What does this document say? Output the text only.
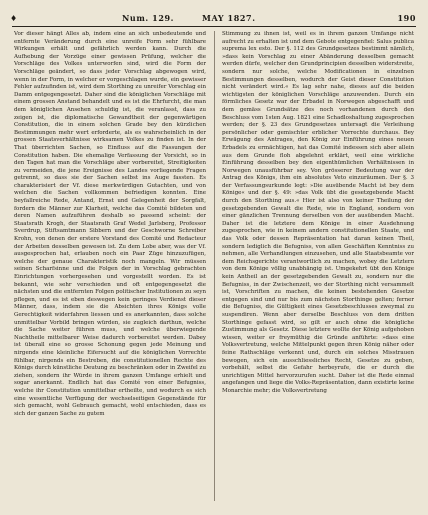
♦	Num. 129.	MAY 1827.	190

Vor dieser hängt Alles ab, indem eine an sich unbedeutende und entfernte Veränderung durch eine unreife Form sehr fühlbare Wirkungen erhält und gefährlich werden kann. Durch die Aufhebung der Vorzüge einer gewissen Prüfung, welcher die Vorschläge des Volkes unterworfen sind, wird die Form der Vorschläge geändert, so dass jeder Vorschlag abgewogen wird, wenn in der Form, in welcher er vorgeschlagen wurde, ein gewisser Fehler aufzufinden ist, wird dem Storthing zu unreifer Vorschlag ein Damm entgegengesetzt. Daher sind die königlichen Vorschläge mit einem grossen Anstand behandelt und es ist die Ehrfurcht, die man dem königlichen Ansehen schuldig ist, die veranlasst, dass zu zeigen ist, die diplomatische Gewandtheit der gegenwärtigen Constitution, die in einem solchen Grade bey den kürzlichen Bestimmungen mehr wert erforderte, als es wahrscheinlich in der grossen Staatsverhältnisse wirksamen Volkes zu finden ist. In der That überrichten Sachen, so Einfluss auf die Fassungen der Constitution haben. Die ehemalige Verfassung der Vorsicht, so in den Tagen hat man die Vorschläge aber vorbereitet, Streitigkeiten zu vermeiden, die jene Ereignisse des Landes vorliegende Fragen getrennt, so dass sie der Sachen selbst ins Auge fassten. Es charakterisiert der Vf. diese merkwürdigen Gutachten, und von welchen die Sachen vollkommen befriedigen konnten. Eine beyfallreiche Rede, Antand, Ernst und Gelegenheit der Sorgfalt, fordern die Männer zur Klarheit, welche das Comité bildeten und deren Namen aufzuführen deshalb so passend scheint: der Staatsrath Krogh, der Staatsrath Graf Wedel Jarlsberg, Professor Sverdrup, Stiftsamtmann Sibbern und der Geschworne Schreiber Krohn, von denen der erstere Vorstand des Comité und Redacteur der Arbeiten desselben gewesen ist. Zu dem Lobe aber, was der Vf. ausgesprochen hat, erlauben noch ein Paar Züge hinzuzufügen, welche der genaue Charakteristik noch mangeln. Wir müssen seinen Scharfsinne und die Folgen der in Vorschlag gebrachten Einrichtungen vorhergesehen und vorgestellt worden. Es ist bekannt, wie sehr verschieden und oft entgegengesetzt die nächsten und die entfernten Folgen politischer Institutionen zu seyn pflegen, und es ist eben deswegen kein geringes Verdienst dieser Männer, dass, indem sie die Absichten ihres Königs volle Gerechtigkeit widerfahren liessen und es anerkannten, dass solche unmittelbar Vorbild bringen würden, sie zugleich darthun, welche die Sache weiter führen muss, und welche überwiegende Nachtheile mittelbarer Weise dadurch vorbereitet werden. Dabey ist überall eine so grosse Schonung gegen jede Meinung und nirgends eine kleinliche Eifersucht auf die königlichen Vorrechte fühlbar, nirgends ein Bestreben, die constitutionellen Rechte des Königs durch künstliche Deutung zu beschränken oder in Zweifel zu ziehen, sondern ihr Würde in ihrem ganzen Umfange erhielt und sogar anerkannt. Endlich hat das Comité von einer Befugniss, welche ihr Constitution unmittelbar ertheilte, und wodurch es sich eine wesentliche Verfügung der wechselseitigen Gegenstände für sich gemacht, wohl Gebrauch gemacht, wohl entschieden, dass es sich der ganzen Sache zu gutem

Stimmung zu ihnen ist, weil es in ihrem ganzen Umfange nicht aufrecht zu erhalten ist und dem Gebote entgegenfiel: Salus publica suprema lex esto. Der §. 112 des Grundgesetzes bestimmt nämlich, »dass kein Vorschlag zu einer Abänderung desselben gemacht werden dürfe, welcher den Grundprincipien desselben widerstreite, sondern nur solche, welche Modificationen in einzelnen Bestimmungen desselben, wodurch der Geist dieser Constitution nicht verändert wird.« Es lag sehr nahe, dieses auf die beiden wichtigsten der königlichen Vorschläge anzuwenden. Durch ein förmliches Gesetz war der Erbadel in Norwegen abgeschafft und dem gemäss Grundsätze des noch vorhandenen durch den Beschluss vom 1sten Aug. 1821 eine Schadloshaltung zugesprochen werden; der §. 23 des Grundgesetzes untersagt die Verleihung persönlicher oder gemischter erblicher Vorrechte durchaus. Bey Erwägung des Antrages, den König zur Einführung eines neuen Erbadels zu ermächtigen, hat das Comité indessen sich aber allein aus dem Grunde floh abgelehnt erklärt, weil eine wirkliche Einführung desselben bey den eigenthümlichen Verhältnissen in Norwegen unausführbar sey. Von grösserer Bedeutung war der Antrag des Königs, ihm ein absolutes Veto einzuräumen. Der §. 3 der Verfassungsurkunde legt: »Die ausübende Macht ist bey dem Könige« und der §. 49: »das Volk übt die gesetzgebende Macht durch den Storthing aus.« Hier ist also von keiner Theilung der gesetzgebenden Gewalt die Rede, wie in England, sondern von einer gänzlichen Trennung derselben von der ausübenden Macht. Daher ist die letztere dem Könige in einer Ausdehnung zugesprochen, wie in keinem andern constitutionellen Staate, und das Volk oder dessen Repräsentation hat daran keinen Theil, sondern lediglich die Befugniss, von allen Geschäften Kenntniss zu nehmen, alle Verhandlungen einzusehen, und alle Staatsbeamte vor dem Reichsgerichte verantwortlich zu machen, wobey die Letztern von dem Könige völlig unabhängig ist. Umgekehrt übt den Könige kein Antheil an der gesetzgebenden Gewalt zu, sondern nur die Befugniss, in der Zwischenzeit, wo der Storthing nicht versammelt ist, Vorschriften zu machen, die keinen bestehenden Gesetze entgegen sind und nur bis zum nächsten Storthinge gelten; ferner die Befugniss, die Gültigkeit eines Gesetzbeschlusses zweymal zu suspendiren. Wenn aber derselbe Beschluss von dem dritten Storthinge gefasst wird, so gilt er auch ohne die königliche Zustimmung als Gesetz. Diese letztere wollte der König aufgehoben wissen, weiter er freymüthig die Gründe anführte: »dass eine Volksvertretung, welche Mittelpunkt gegen ihren König näher oder feine Rathschläge verkennt und, durch ein solches Misstrauen bewogen, sich ein ausschliessliches Recht, Gesetze zu geben, vorbehält, selbst die Gefahr herbeyrufe, die er durch die unrichtigen Mittel hervorzurufen sucht. Daher ist die Rede einmal angefangen und liege die Volks-Repräsentation, dann existirte keine Monarchie mehr; die Volksvertretung
